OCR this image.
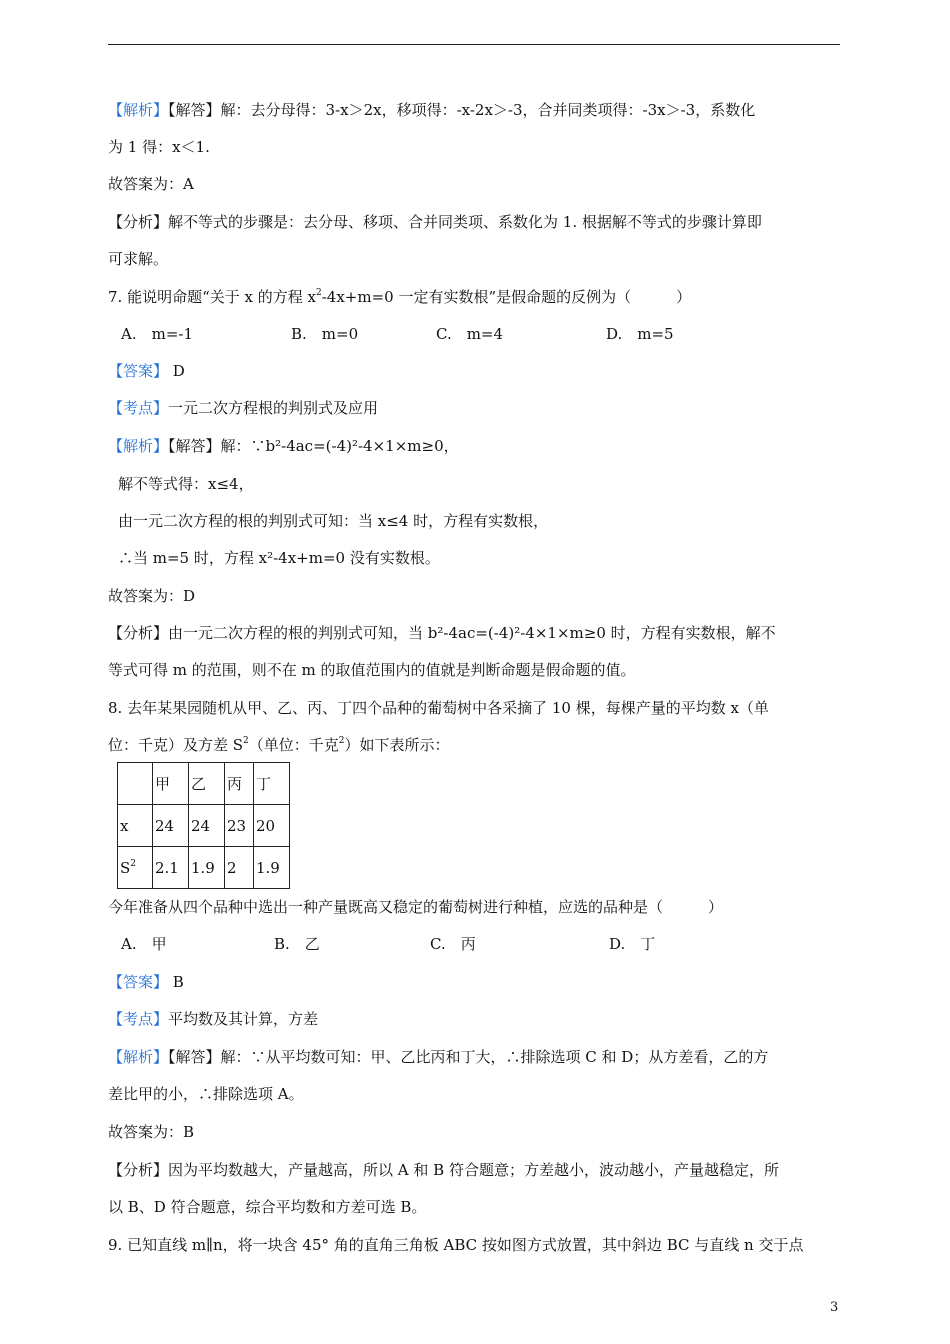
【解析】【解答】解：去分母得：3-x＞2x，移项得：-x-2x＞-3，合并同类项得：-3x＞-3，系数化
为 1 得：x＜1.
故答案为：A
【分析】解不等式的步骤是：去分母、移项、合并同类项、系数化为 1. 根据解不等式的步骤计算即
可求解。
7. 能说明命题“关于 x 的方程 $x^2-4x+m=0$ 一定有实数根”是假命题的反例为（　　　）
A.　m=-1	B.　m=0	C.　m=4	D.　m=5
【答案】 D
【考点】一元二次方程根的判别式及应用
【解析】【解答】解：∵b²-4ac=(-4)²-4×1×m≥0，
解不等式得：x≤4，
由一元二次方程的根的判别式可知：当 x≤4 时，方程有实数根，
∴当 m=5 时，方程 x²-4x+m=0 没有实数根。
故答案为：D
【分析】由一元二次方程的根的判别式可知，当 b²-4ac=(-4)²-4×1×m≥0 时，方程有实数根，解不
等式可得 m 的范围，则不在 m 的取值范围内的值就是判断命题是假命题的值。
8. 去年某果园随机从甲、乙、丙、丁四个品种的葡萄树中各采摘了 10 棵，每棵产量的平均数 x（单
位：千克）及方差 $S^2$（单位：千克$^2$）如下表所示：
	甲	乙	丙	丁
x	24	24	23	20
$S^2$	2.1	1.9	2	1.9
今年准备从四个品种中选出一种产量既高又稳定的葡萄树进行种植，应选的品种是（　　　）
A.　甲	B.　乙	C.　丙	D.　丁
【答案】 B
【考点】平均数及其计算，方差
【解析】【解答】解：∵从平均数可知：甲、乙比丙和丁大，∴排除选项 C 和 D；从方差看，乙的方
差比甲的小，∴排除选项 A。
故答案为：B
【分析】因为平均数越大，产量越高，所以 A 和 B 符合题意；方差越小，波动越小，产量越稳定，所
以 B、D 符合题意，综合平均数和方差可选 B。
9. 已知直线 m∥n，将一块含 45° 角的直角三角板 ABC 按如图方式放置，其中斜边 BC 与直线 n 交于点
3
